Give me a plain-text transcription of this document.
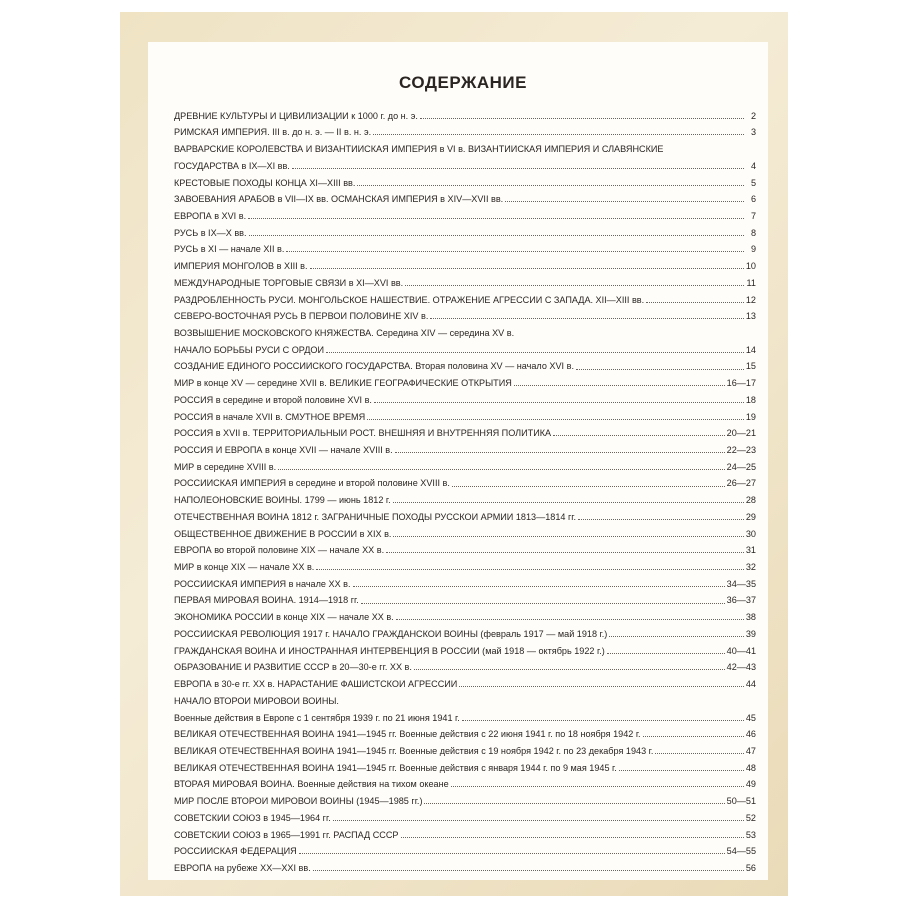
СОДЕРЖАНИЕ
ДРЕВНИЕ КУЛЬТУРЫ И ЦИВИЛИЗАЦИИ к 1000 г. до н. э.	2
РИМСКАЯ ИМПЕРИЯ. III в. до н. э. — II в. н. э.	3
ВАРВАРСКИЕ КОРОЛЕВСТВА И ВИЗАНТИЙСКАЯ ИМПЕРИЯ в VI в. ВИЗАНТИЙСКАЯ ИМПЕРИЯ И СЛАВЯНСКИЕ
ГОСУДАРСТВА в IX—XI вв.	4
КРЕСТОВЫЕ ПОХОДЫ КОНЦА XI—XIII вв.	5
ЗАВОЕВАНИЯ АРАБОВ в VII—IX вв. ОСМАНСКАЯ ИМПЕРИЯ в XIV—XVII вв.	6
ЕВРОПА в XVI в.	7
РУСЬ в IX—X вв.	8
РУСЬ в XI — начале XII в.	9
ИМПЕРИЯ МОНГОЛОВ в XIII в.	10
МЕЖДУНАРОДНЫЕ ТОРГОВЫЕ СВЯЗИ в XI—XVI вв.	11
РАЗДРОБЛЕННОСТЬ РУСИ. МОНГОЛЬСКОЕ НАШЕСТВИЕ. ОТРАЖЕНИЕ АГРЕССИИ С ЗАПАДА. XII—XIII вв.	12
СЕВЕРО-ВОСТОЧНАЯ РУСЬ В ПЕРВОЙ ПОЛОВИНЕ XIV в.	13
ВОЗВЫШЕНИЕ МОСКОВСКОГО КНЯЖЕСТВА. Середина XIV — середина XV в.
НАЧАЛО БОРЬБЫ РУСИ С ОРДОЙ	14
СОЗДАНИЕ ЕДИНОГО РОССИЙСКОГО ГОСУДАРСТВА. Вторая половина XV — начало XVI в.	15
МИР в конце XV — середине XVII в. ВЕЛИКИЕ ГЕОГРАФИЧЕСКИЕ ОТКРЫТИЯ	16—17
РОССИЯ в середине и второй половине XVI в.	18
РОССИЯ в начале XVII в. СМУТНОЕ ВРЕМЯ	19
РОССИЯ в XVII в. ТЕРРИТОРИАЛЬНЫЙ РОСТ. ВНЕШНЯЯ И ВНУТРЕННЯЯ ПОЛИТИКА	20—21
РОССИЯ И ЕВРОПА в конце XVII — начале XVIII в.	22—23
МИР в середине XVIII в.	24—25
РОССИЙСКАЯ ИМПЕРИЯ в середине и второй половине XVIII в.	26—27
НАПОЛЕОНОВСКИЕ ВОЙНЫ. 1799 — июнь 1812 г.	28
ОТЕЧЕСТВЕННАЯ ВОЙНА 1812 г. ЗАГРАНИЧНЫЕ ПОХОДЫ РУССКОЙ АРМИИ 1813—1814 гг.	29
ОБЩЕСТВЕННОЕ ДВИЖЕНИЕ В РОССИИ в XIX в.	30
ЕВРОПА во второй половине XIX — начале XX в.	31
МИР в конце XIX — начале XX в.	32
РОССИЙСКАЯ ИМПЕРИЯ в начале XX в.	34—35
ПЕРВАЯ МИРОВАЯ ВОЙНА. 1914—1918 гг.	36—37
ЭКОНОМИКА РОССИИ в конце XIX — начале XX в.	38
РОССИЙСКАЯ РЕВОЛЮЦИЯ 1917 г. НАЧАЛО ГРАЖДАНСКОЙ ВОЙНЫ (февраль 1917 — май 1918 г.)	39
ГРАЖДАНСКАЯ ВОЙНА И ИНОСТРАННАЯ ИНТЕРВЕНЦИЯ В РОССИИ (май 1918 — октябрь 1922 г.)	40—41
ОБРАЗОВАНИЕ И РАЗВИТИЕ СССР в 20—30-е гг. XX в.	42—43
ЕВРОПА в 30-е гг. XX в. НАРАСТАНИЕ ФАШИСТСКОЙ АГРЕССИИ	44
НАЧАЛО ВТОРОЙ МИРОВОЙ ВОЙНЫ.
Военные действия в Европе с 1 сентября 1939 г. по 21 июня 1941 г.	45
ВЕЛИКАЯ ОТЕЧЕСТВЕННАЯ ВОЙНА 1941—1945 гг. Военные действия с 22 июня 1941 г. по 18 ноября 1942 г.	46
ВЕЛИКАЯ ОТЕЧЕСТВЕННАЯ ВОЙНА 1941—1945 гг. Военные действия с 19 ноября 1942 г. по 23 декабря 1943 г.	47
ВЕЛИКАЯ ОТЕЧЕСТВЕННАЯ ВОЙНА 1941—1945 гг. Военные действия с января 1944 г. по 9 мая 1945 г.	48
ВТОРАЯ МИРОВАЯ ВОЙНА. Военные действия на тихом океане	49
МИР ПОСЛЕ ВТОРОЙ МИРОВОЙ ВОЙНЫ (1945—1985 гг.)	50—51
СОВЕТСКИЙ СОЮЗ в 1945—1964 гг.	52
СОВЕТСКИЙ СОЮЗ в 1965—1991 гг. РАСПАД СССР	53
РОССИЙСКАЯ ФЕДЕРАЦИЯ	54—55
ЕВРОПА на рубеже XX—XXI вв.	56
